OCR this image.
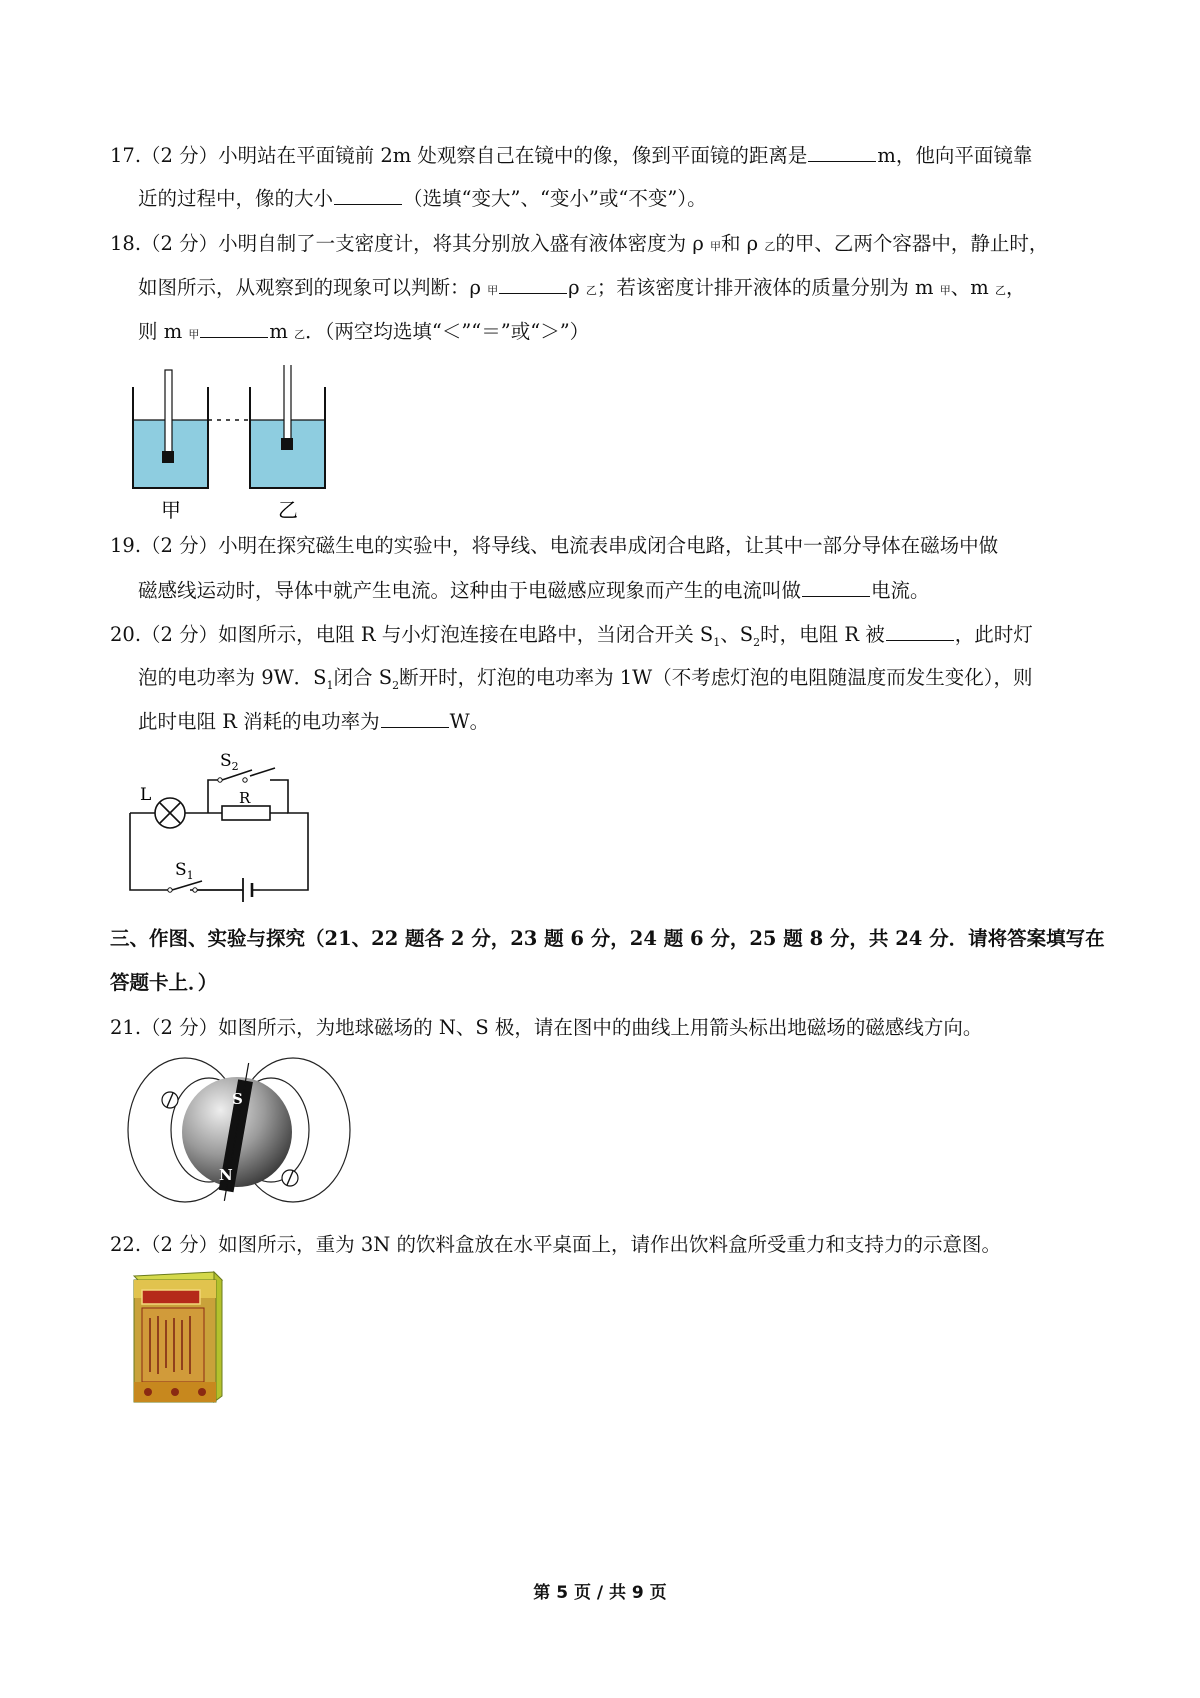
17.（2 分）小明站在平面镜前 2m 处观察自己在镜中的像，像到平面镜的距离是	m，他向平面镜靠
近的过程中，像的大小	（选填“变大”、“变小”或“不变”）。
18.（2 分）小明自制了一支密度计，将其分别放入盛有液体密度为 ρ 甲和 ρ 乙的甲、乙两个容器中，静止时，
如图所示，从观察到的现象可以判断：ρ 甲	ρ 乙；若该密度计排开液体的质量分别为 m 甲、m 乙，
则 m 甲	m 乙．（两空均选填“＜”“＝”或“＞”）
甲	乙
19.（2 分）小明在探究磁生电的实验中，将导线、电流表串成闭合电路，让其中一部分导体在磁场中做
磁感线运动时，导体中就产生电流。这种由于电磁感应现象而产生的电流叫做	电流。
20.（2 分）如图所示，电阻 R 与小灯泡连接在电路中，当闭合开关 $S_1$、$S_2$时，电阻 R 被	，此时灯
泡的电功率为 9W．$S_1$闭合 $S_2$断开时，灯泡的电功率为 1W（不考虑灯泡的电阻随温度而发生变化），则
此时电阻 R 消耗的电功率为	W。
L	R
$S_2$
$S_1$
三、作图、实验与探究（21、22 题各 2 分，23 题 6 分，24 题 6 分，25 题 8 分，共 24 分．请将答案填写在
答题卡上．）
21.（2 分）如图所示，为地球磁场的 N、S 极，请在图中的曲线上用箭头标出地磁场的磁感线方向。
S
N
22.（2 分）如图所示，重为 3N 的饮料盒放在水平桌面上，请作出饮料盒所受重力和支持力的示意图。
第 5 页 / 共 9 页
